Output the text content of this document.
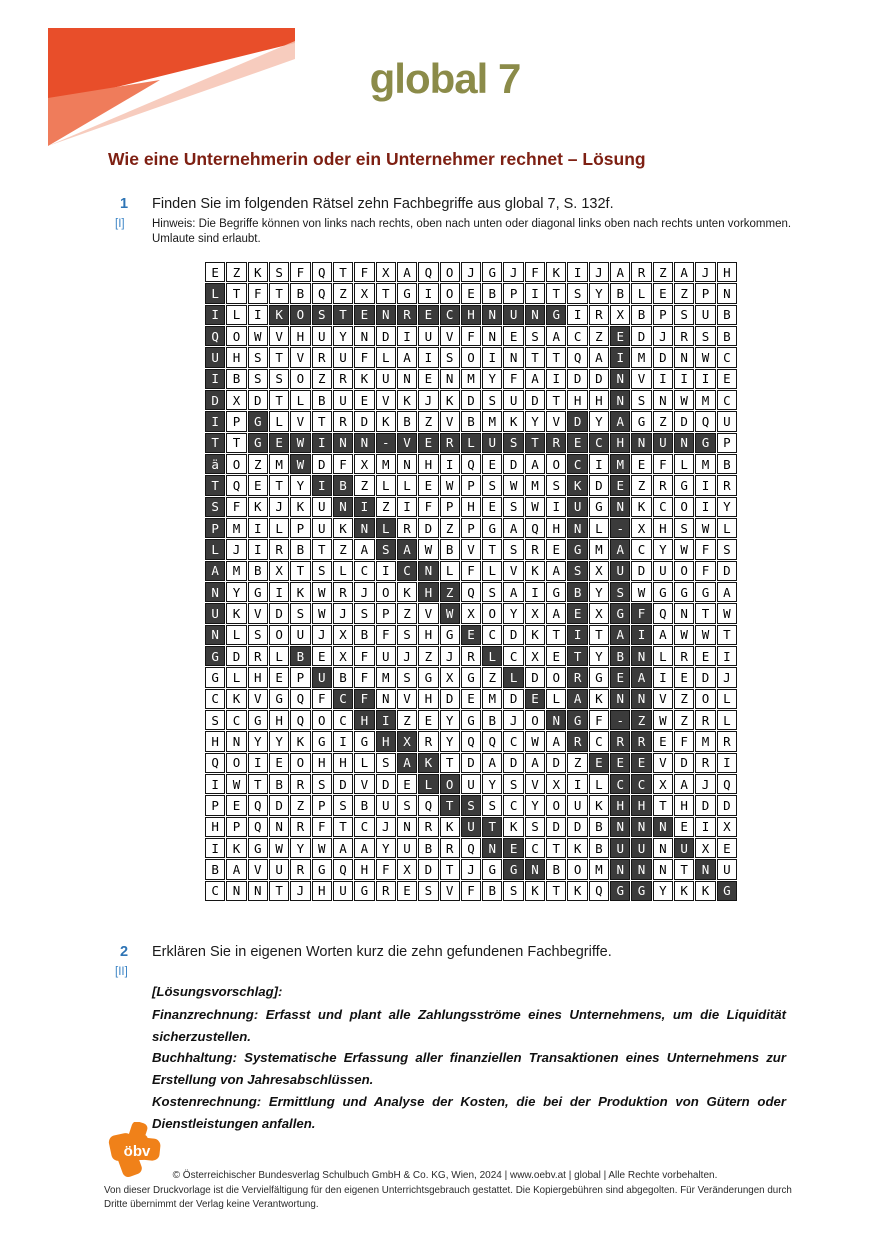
global 7
Wie eine Unternehmerin oder ein Unternehmer rechnet – Lösung
1 Finden Sie im folgenden Rätsel zehn Fachbegriffe aus global 7, S. 132f.
[I] Hinweis: Die Begriffe können von links nach rechts, oben nach unten oder diagonal links oben nach rechts unten vorkommen. Umlaute sind erlaubt.
E	Z	K	S	F	Q	T	F	X	A	Q	O	J	G	J	F	K	I	J	A	R	Z	A	J	H
L	T	F	T	B	Q	Z	X	T	G	I	O	E	B	P	I	T	S	Y	B	L	E	Z	P	N
I	L	I	K	O	S	T	E	N	R	E	C	H	N	U	N	G	I	R	X	B	P	S	U	B
Q	O	W	V	H	U	Y	N	D	I	U	V	F	N	E	S	A	C	Z	E	D	J	R	S	B
U	H	S	T	V	R	U	F	L	A	I	S	O	I	N	T	T	Q	A	I	M	D	N	W	C
I	B	S	S	O	Z	R	K	U	N	E	N	M	Y	F	A	I	D	D	N	V	I	I	I	E
D	X	D	T	L	B	U	E	V	K	J	K	D	S	U	D	T	H	H	N	S	N	W	M	C
I	P	G	L	V	T	R	D	K	B	Z	V	B	M	K	Y	V	D	Y	A	G	Z	D	Q	U
T	T	G	E	W	I	N	N	-	V	E	R	L	U	S	T	R	E	C	H	N	U	N	G	P
ä	O	Z	M	W	D	F	X	M	N	H	I	Q	E	D	A	O	C	I	M	E	F	L	M	B
T	Q	E	T	Y	I	B	Z	L	L	E	W	P	S	W	M	S	K	D	E	Z	R	G	I	R
S	F	K	J	K	U	N	I	Z	I	F	P	H	E	S	W	I	U	G	N	K	C	O	I	Y
P	M	I	L	P	U	K	N	L	R	D	Z	P	G	A	Q	H	N	L	-	X	H	S	W	L
L	J	I	R	B	T	Z	A	S	A	W	B	V	T	S	R	E	G	M	A	C	Y	W	F	S
A	M	B	X	T	S	L	C	I	C	N	L	F	L	V	K	A	S	X	U	D	U	O	F	D
N	Y	G	I	K	W	R	J	O	K	H	Z	Q	S	A	I	G	B	Y	S	W	G	G	G	A
U	K	V	D	S	W	J	S	P	Z	V	W	X	O	Y	X	A	E	X	G	F	Q	N	T	W
N	L	S	O	U	J	X	B	F	S	H	G	E	C	D	K	T	I	T	A	I	A	W	W	T
G	D	R	L	B	E	X	F	U	J	Z	J	R	L	C	X	E	T	Y	B	N	L	R	E	I
G	L	H	E	P	U	B	F	M	S	G	X	G	Z	L	D	O	R	G	E	A	I	E	D	J
C	K	V	G	Q	F	C	F	N	V	H	D	E	M	D	E	L	A	K	N	N	V	Z	O	L
S	C	G	H	Q	O	C	H	I	Z	E	Y	G	B	J	O	N	G	F	-	Z	W	Z	R	L
H	N	Y	Y	K	G	I	G	H	X	R	Y	Q	Q	C	W	A	R	C	R	R	E	F	M	R
Q	O	I	E	O	H	H	L	S	A	K	T	D	A	D	A	D	Z	E	E	E	V	D	R	I
I	W	T	B	R	S	D	V	D	E	L	O	U	Y	S	V	X	I	L	C	C	X	A	J	Q
P	E	Q	D	Z	P	S	B	U	S	Q	T	S	S	C	Y	O	U	K	H	H	T	H	D	D
H	P	Q	N	R	F	T	C	J	N	R	K	U	T	K	S	D	D	B	N	N	N	E	I	X
I	K	G	W	Y	W	A	A	Y	U	B	R	Q	N	E	C	T	K	B	U	U	N	U	X	E
B	A	V	U	R	G	Q	H	F	X	D	T	J	G	G	N	B	O	M	N	N	N	T	N	U
C	N	N	T	J	H	U	G	R	E	S	V	F	B	S	K	T	K	Q	G	G	Y	K	K	G
2 Erklären Sie in eigenen Worten kurz die zehn gefundenen Fachbegriffe.
[II]
[Lösungsvorschlag]:

Finanzrechnung: Erfasst und plant alle Zahlungsströme eines Unternehmens, um die Liquidität sicherzustellen.

Buchhaltung: Systematische Erfassung aller finanziellen Transaktionen eines Unternehmens zur Erstellung von Jahresabschlüssen.

Kostenrechnung: Ermittlung und Analyse der Kosten, die bei der Produktion von Gütern oder Dienstleistungen anfallen.

öbv
© Österreichischer Bundesverlag Schulbuch GmbH & Co. KG, Wien, 2024 | www.oebv.at | global | Alle Rechte vorbehalten.
Von dieser Druckvorlage ist die Vervielfältigung für den eigenen Unterrichtsgebrauch gestattet. Die Kopiergebühren sind abgegolten. Für Veränderungen durch Dritte übernimmt der Verlag keine Verantwortung.
